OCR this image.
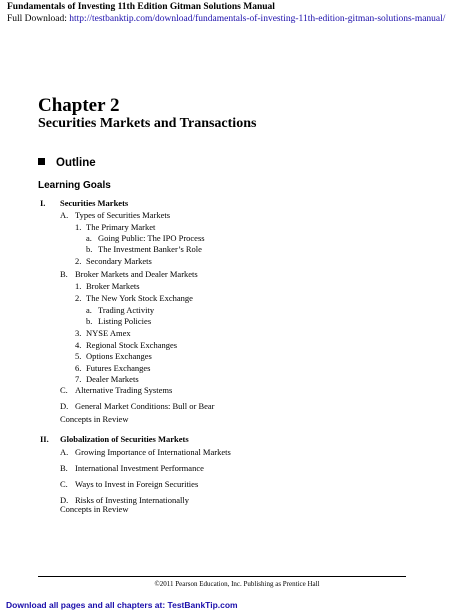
Fundamentals of Investing 11th Edition Gitman Solutions Manual
Full Download: http://testbanktip.com/download/fundamentals-of-investing-11th-edition-gitman-solutions-manual/
Chapter 2
Securities Markets and Transactions
Outline
Learning Goals
I. Securities Markets
A. Types of Securities Markets
1. The Primary Market
a. Going Public: The IPO Process
b. The Investment Banker’s Role
2. Secondary Markets
B. Broker Markets and Dealer Markets
1. Broker Markets
2. The New York Stock Exchange
a. Trading Activity
b. Listing Policies
3. NYSE Amex
4. Regional Stock Exchanges
5. Options Exchanges
6. Futures Exchanges
7. Dealer Markets
C. Alternative Trading Systems
D. General Market Conditions: Bull or Bear
Concepts in Review
II. Globalization of Securities Markets
A. Growing Importance of International Markets
B. International Investment Performance
C. Ways to Invest in Foreign Securities
D. Risks of Investing Internationally
Concepts in Review
©2011 Pearson Education, Inc. Publishing as Prentice Hall
Download all pages and all chapters at: TestBankTip.com
